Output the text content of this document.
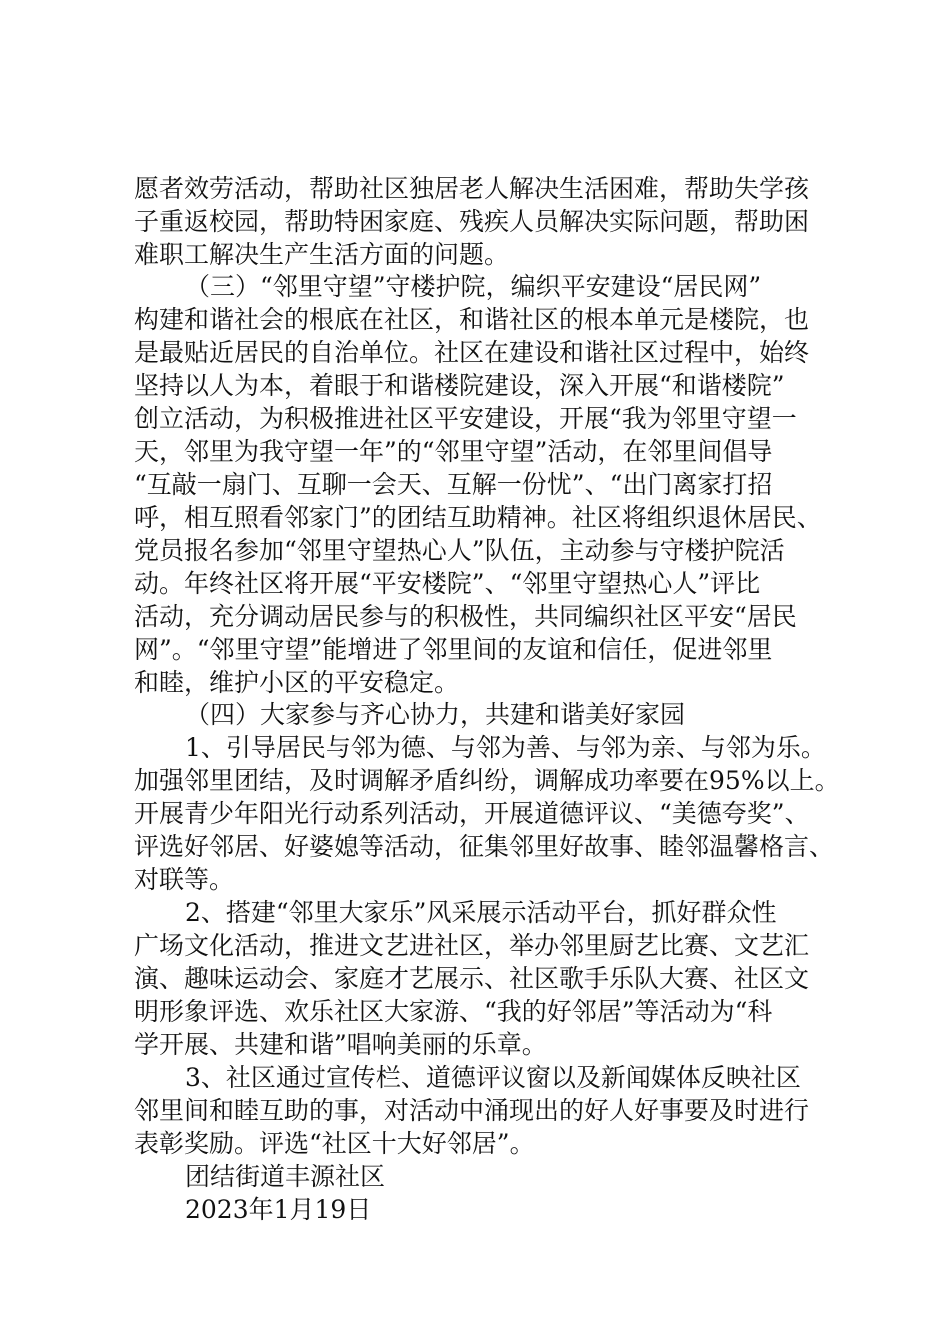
愿者效劳活动，帮助社区独居老人解决生活困难，帮助失学孩
子重返校园，帮助特困家庭、残疾人员解决实际问题，帮助困
难职工解决生产生活方面的问题。
（三）“邻里守望”守楼护院，编织平安建设“居民网”
构建和谐社会的根底在社区，和谐社区的根本单元是楼院，也
是最贴近居民的自治单位。社区在建设和谐社区过程中，始终
坚持以人为本，着眼于和谐楼院建设，深入开展“和谐楼院”
创立活动，为积极推进社区平安建设，开展“我为邻里守望一
天，邻里为我守望一年”的“邻里守望”活动，在邻里间倡导
“互敲一扇门、互聊一会天、互解一份忧”、“出门离家打招
呼，相互照看邻家门”的团结互助精神。社区将组织退休居民、
党员报名参加“邻里守望热心人”队伍，主动参与守楼护院活
动。年终社区将开展“平安楼院”、“邻里守望热心人”评比
活动，充分调动居民参与的积极性，共同编织社区平安“居民
网”。“邻里守望”能增进了邻里间的友谊和信任，促进邻里
和睦，维护小区的平安稳定。
（四）大家参与齐心协力，共建和谐美好家园
1、引导居民与邻为德、与邻为善、与邻为亲、与邻为乐。
加强邻里团结，及时调解矛盾纠纷，调解成功率要在95%以上。
开展青少年阳光行动系列活动，开展道德评议、“美德夸奖”、
评选好邻居、好婆媳等活动，征集邻里好故事、睦邻温馨格言、
对联等。
2、搭建“邻里大家乐”风采展示活动平台，抓好群众性
广场文化活动，推进文艺进社区，举办邻里厨艺比赛、文艺汇
演、趣味运动会、家庭才艺展示、社区歌手乐队大赛、社区文
明形象评选、欢乐社区大家游、“我的好邻居”等活动为“科
学开展、共建和谐”唱响美丽的乐章。
3、社区通过宣传栏、道德评议窗以及新闻媒体反映社区
邻里间和睦互助的事，对活动中涌现出的好人好事要及时进行
表彰奖励。评选“社区十大好邻居”。
团结街道丰源社区
2023年1月19日
